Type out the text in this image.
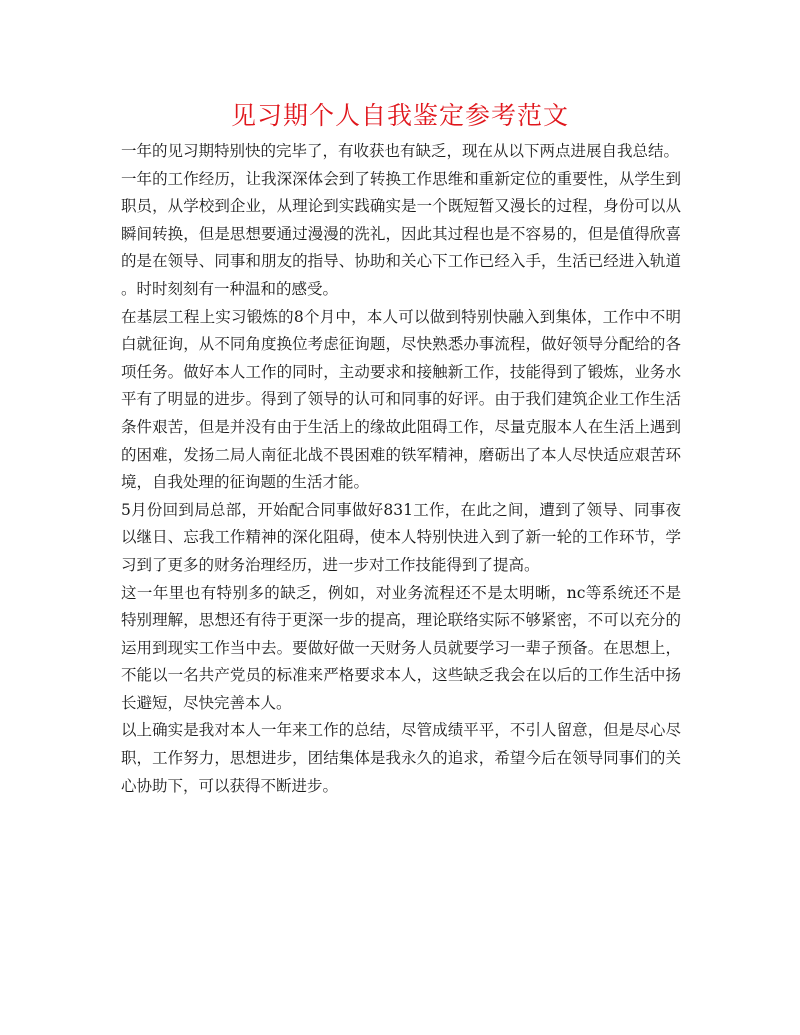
见习期个人自我鉴定参考范文

一年的见习期特别快的完毕了，有收获也有缺乏，现在从以下两点进展自我总结。

一年的工作经历，让我深深体会到了转换工作思维和重新定位的重要性，从学生到职员，从学校到企业，从理论到实践确实是一个既短暂又漫长的过程，身份可以从瞬间转换，但是思想要通过漫漫的洗礼，因此其过程也是不容易的，但是值得欣喜的是在领导、同事和朋友的指导、协助和关心下工作已经入手，生活已经进入轨道。时时刻刻有一种温和的感受。

在基层工程上实习锻炼的8个月中，本人可以做到特别快融入到集体，工作中不明白就征询，从不同角度换位考虑征询题，尽快熟悉办事流程，做好领导分配给的各项任务。做好本人工作的同时，主动要求和接触新工作，技能得到了锻炼，业务水平有了明显的进步。得到了领导的认可和同事的好评。由于我们建筑企业工作生活条件艰苦，但是并没有由于生活上的缘故此阻碍工作，尽量克服本人在生活上遇到的困难，发扬二局人南征北战不畏困难的铁军精神，磨砺出了本人尽快适应艰苦环境，自我处理的征询题的生活才能。

5月份回到局总部，开始配合同事做好831工作，在此之间，遭到了领导、同事夜以继日、忘我工作精神的深化阻碍，使本人特别快进入到了新一轮的工作环节，学习到了更多的财务治理经历，进一步对工作技能得到了提高。

这一年里也有特别多的缺乏，例如，对业务流程还不是太明晰，nc等系统还不是特别理解，思想还有待于更深一步的提高，理论联络实际不够紧密，不可以充分的运用到现实工作当中去。要做好做一天财务人员就要学习一辈子预备。在思想上，不能以一名共产党员的标准来严格要求本人，这些缺乏我会在以后的工作生活中扬长避短，尽快完善本人。

以上确实是我对本人一年来工作的总结，尽管成绩平平，不引人留意，但是尽心尽职，工作努力，思想进步，团结集体是我永久的追求，希望今后在领导同事们的关心协助下，可以获得不断进步。
